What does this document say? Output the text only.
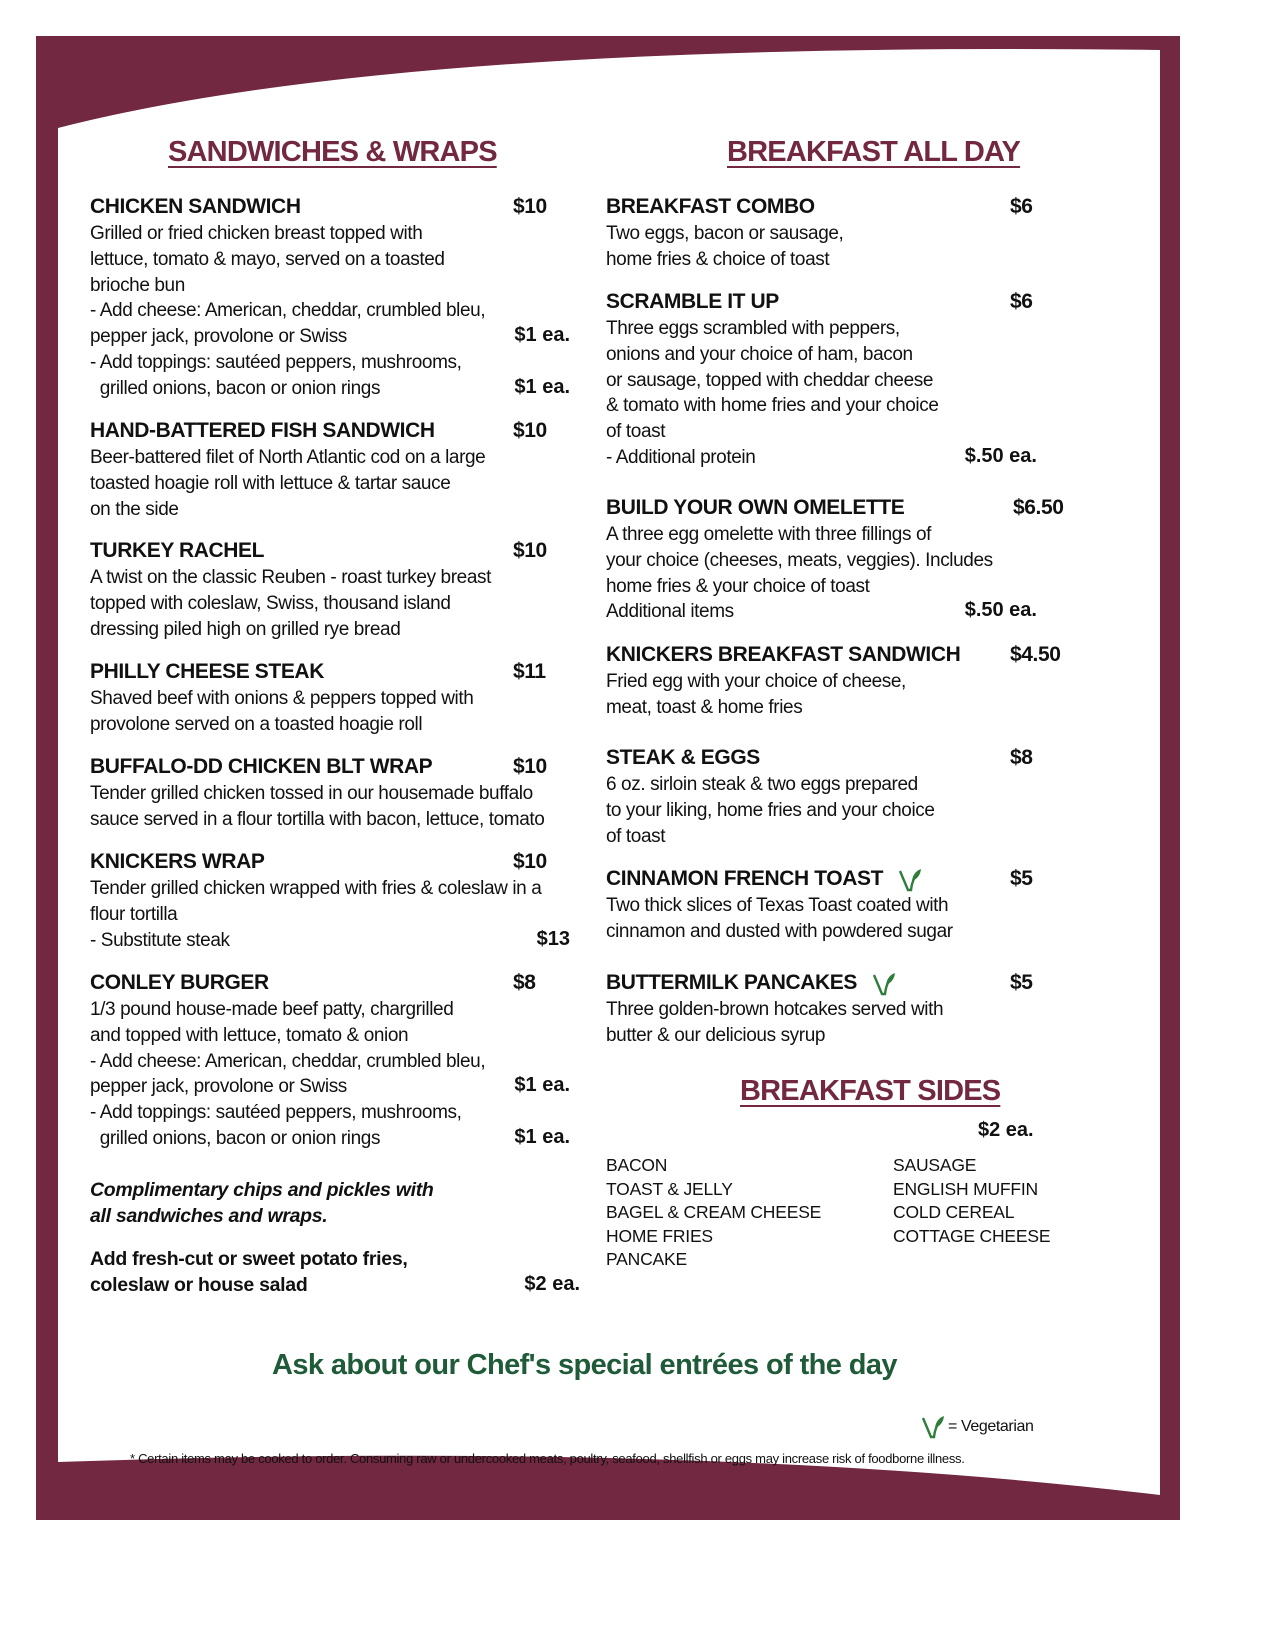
SANDWICHES & WRAPS	BREAKFAST ALL DAY
CHICKEN SANDWICH	$10
Grilled or fried chicken breast topped with
lettuce, tomato & mayo, served on a toasted
brioche bun
- Add cheese: American, cheddar, crumbled bleu,
pepper jack, provolone or Swiss	$1 ea.
- Add toppings: sautéed peppers, mushrooms,
grilled onions, bacon or onion rings	$1 ea.
HAND-BATTERED FISH SANDWICH	$10
Beer-battered filet of North Atlantic cod on a large
toasted hoagie roll with lettuce & tartar sauce
on the side
TURKEY RACHEL	$10
A twist on the classic Reuben - roast turkey breast
topped with coleslaw, Swiss, thousand island
dressing piled high on grilled rye bread
PHILLY CHEESE STEAK	$11
Shaved beef with onions & peppers topped with
provolone served on a toasted hoagie roll
BUFFALO-DD CHICKEN BLT WRAP	$10
Tender grilled chicken tossed in our housemade buffalo
sauce served in a flour tortilla with bacon, lettuce, tomato
KNICKERS WRAP	$10
Tender grilled chicken wrapped with fries & coleslaw in a
flour tortilla
- Substitute steak	$13
CONLEY BURGER	$8
1/3 pound house-made beef patty, chargrilled
and topped with lettuce, tomato & onion
- Add cheese: American, cheddar, crumbled bleu,
pepper jack, provolone or Swiss	$1 ea.
- Add toppings: sautéed peppers, mushrooms,
grilled onions, bacon or onion rings	$1 ea.
BREAKFAST COMBO	$6
Two eggs, bacon or sausage,
home fries & choice of toast
SCRAMBLE IT UP	$6
Three eggs scrambled with peppers,
onions and your choice of ham, bacon
or sausage, topped with cheddar cheese
& tomato with home fries and your choice
of toast
- Additional protein	$.50 ea.
BUILD YOUR OWN OMELETTE	$6.50
A three egg omelette with three fillings of
your choice (cheeses, meats, veggies). Includes
home fries & your choice of toast
Additional items	$.50 ea.
KNICKERS BREAKFAST SANDWICH $4.50
Fried egg with your choice of cheese,
meat, toast & home fries
STEAK & EGGS	$8
6 oz. sirloin steak & two eggs prepared
to your liking, home fries and your choice
of toast
CINNAMON FRENCH TOAST	$5
Two thick slices of Texas Toast coated with
cinnamon and dusted with powdered sugar
BUTTERMILK PANCAKES	$5
Three golden-brown hotcakes served with
butter & our delicious syrup
Complimentary chips and pickles with
all sandwiches and wraps.
Add fresh-cut or sweet potato fries,
coleslaw or house salad	$2 ea.
BREAKFAST SIDES
$2 ea.
BACON
TOAST & JELLY
BAGEL & CREAM CHEESE
HOME FRIES
PANCAKE
SAUSAGE
ENGLISH MUFFIN
COLD CEREAL
COTTAGE CHEESE
Ask about our Chef's special entrées of the day
= Vegetarian
* Certain items may be cooked to order. Consuming raw or undercooked meats, poultry, seafood, shellfish or eggs may increase risk of foodborne illness.
